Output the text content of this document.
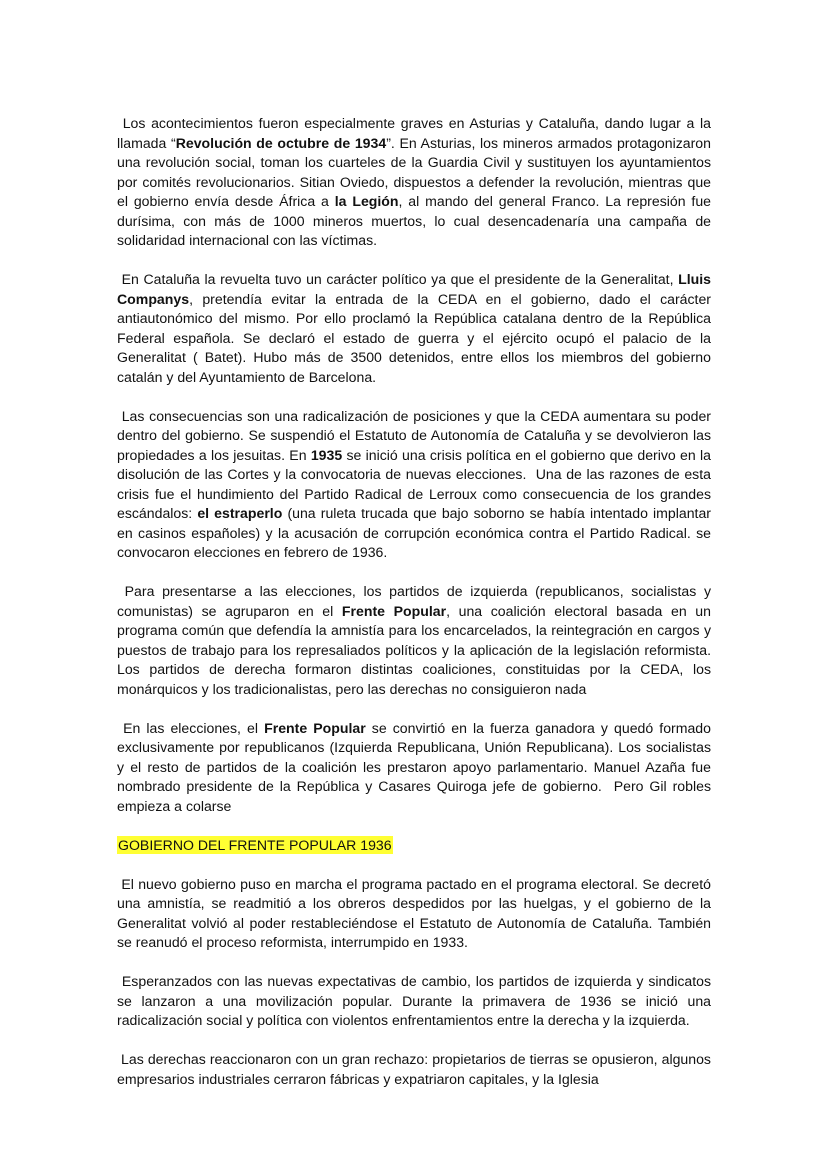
Los acontecimientos fueron especialmente graves en Asturias y Cataluña, dando lugar a la llamada “Revolución de octubre de 1934”. En Asturias, los mineros armados protagonizaron una revolución social, toman los cuarteles de la Guardia Civil y sustituyen los ayuntamientos por comités revolucionarios. Sitian Oviedo, dispuestos a defender la revolución, mientras que el gobierno envía desde África a la Legión, al mando del general Franco. La represión fue durísima, con más de 1000 mineros muertos, lo cual desencadenaría una campaña de solidaridad internacional con las víctimas.

En Cataluña la revuelta tuvo un carácter político ya que el presidente de la Generalitat, Lluis Companys, pretendía evitar la entrada de la CEDA en el gobierno, dado el carácter antiautonómico del mismo. Por ello proclamó la República catalana dentro de la República Federal española. Se declaró el estado de guerra y el ejército ocupó el palacio de la Generalitat ( Batet). Hubo más de 3500 detenidos, entre ellos los miembros del gobierno catalán y del Ayuntamiento de Barcelona.

Las consecuencias son una radicalización de posiciones y que la CEDA aumentara su poder dentro del gobierno. Se suspendió el Estatuto de Autonomía de Cataluña y se devolvieron las propiedades a los jesuitas. En 1935 se inició una crisis política en el gobierno que derivo en la disolución de las Cortes y la convocatoria de nuevas elecciones.  Una de las razones de esta crisis fue el hundimiento del Partido Radical de Lerroux como consecuencia de los grandes escándalos: el estraperlo (una ruleta trucada que bajo soborno se había intentado implantar en casinos españoles) y la acusación de corrupción económica contra el Partido Radical. se convocaron elecciones en febrero de 1936.

Para presentarse a las elecciones, los partidos de izquierda (republicanos, socialistas y comunistas) se agruparon en el Frente Popular, una coalición electoral basada en un programa común que defendía la amnistía para los encarcelados, la reintegración en cargos y puestos de trabajo para los represaliados políticos y la aplicación de la legislación reformista. Los partidos de derecha formaron distintas coaliciones, constituidas por la CEDA, los monárquicos y los tradicionalistas, pero las derechas no consiguieron nada

En las elecciones, el Frente Popular se convirtió en la fuerza ganadora y quedó formado exclusivamente por republicanos (Izquierda Republicana, Unión Republicana). Los socialistas y el resto de partidos de la coalición les prestaron apoyo parlamentario. Manuel Azaña fue nombrado presidente de la República y Casares Quiroga jefe de gobierno.  Pero Gil robles empieza a colarse

GOBIERNO DEL FRENTE POPULAR 1936

El nuevo gobierno puso en marcha el programa pactado en el programa electoral. Se decretó una amnistía, se readmitió a los obreros despedidos por las huelgas, y el gobierno de la Generalitat volvió al poder restableciéndose el Estatuto de Autonomía de Cataluña. También se reanudó el proceso reformista, interrumpido en 1933.

Esperanzados con las nuevas expectativas de cambio, los partidos de izquierda y sindicatos se lanzaron a una movilización popular. Durante la primavera de 1936 se inició una radicalización social y política con violentos enfrentamientos entre la derecha y la izquierda.

Las derechas reaccionaron con un gran rechazo: propietarios de tierras se opusieron, algunos empresarios industriales cerraron fábricas y expatriaron capitales, y la Iglesia
